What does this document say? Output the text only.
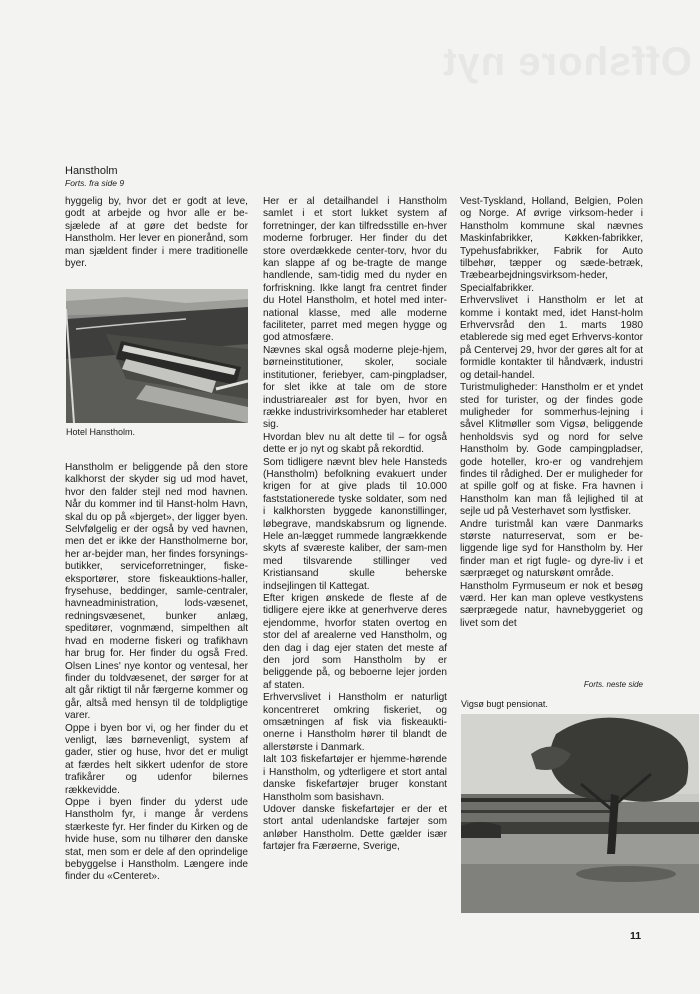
Offshore nyt
Hanstholm
Forts. fra side 9
hyggelig by, hvor det er godt at leve, godt at arbejde og hvor alle er be-sjælede af at gøre det bedste for Hanstholm. Her lever en pionerånd, som man sjældent finder i mere traditionelle byer.
Hotel Hanstholm.
Hanstholm er beliggende på den store kalkhorst der skyder sig ud mod havet, hvor den falder stejl ned mod havnen. Når du kommer ind til Hanst-holm Havn, skal du op på «bjerget», der ligger byen. Selvfølgelig er der også by ved havnen, men det er ikke der Hanstholmerne bor, her ar-bejder man, her findes forsynings-butikker, serviceforretninger, fiske-eksportører, store fiskeauktions-haller, frysehuse, beddinger, samle-centraler, havneadministration, lods-væsenet, redningsvæsenet, bunker anlæg, speditører, vognmænd, simpelthen alt hvad en moderne fiskeri og trafikhavn har brug for. Her finder du også Fred. Olsen Lines' nye kontor og ventesal, her finder du toldvæsenet, der sørger for at alt går riktigt til når færgerne kommer og går, altså med hensyn til de toldpligtige varer.
Oppe i byen bor vi, og her finder du et venligt, læs børnevenligt, system af gader, stier og huse, hvor det er muligt at færdes helt sikkert udenfor de store trafikårer og udenfor bilernes rækkevidde.
Oppe i byen finder du yderst ude Hanstholm fyr, i mange år verdens stærkeste fyr. Her finder du Kirken og de hvide huse, som nu tilhører den danske stat, men som er dele af den oprindelige bebyggelse i Hanstholm. Længere inde finder du «Centeret».
Her er al detailhandel i Hanstholm samlet i et stort lukket system af forretninger, der kan tilfredsstille en-hver moderne forbruger. Her finder du det store overdækkede center-torv, hvor du kan slappe af og be-tragte de mange handlende, sam-tidig med du nyder en forfriskning. Ikke langt fra centret finder du Hotel Hanstholm, et hotel med inter-national klasse, med alle moderne faciliteter, parret med megen hygge og god atmosfære.
Nævnes skal også moderne pleje-hjem, børneinstitutioner, skoler, sociale institutioner, feriebyer, cam-pingpladser, for slet ikke at tale om de store industriarealer øst for byen, hvor en række industrivirksomheder har etableret sig.
Hvordan blev nu alt dette til – for også dette er jo nyt og skabt på rekordtid.
Som tidligere nævnt blev hele Hansteds (Hanstholm) befolkning evakuert under krigen for at give plads til 10.000 faststationerede tyske soldater, som ned i kalkhorsten byggede kanonstillinger, løbegrave, mandskabsrum og lignende. Hele an-lægget rummede langrækkende skyts af sværeste kaliber, der sam-men med tilsvarende stillinger ved Kristiansand skulle beherske indsejlingen til Kattegat.
Efter krigen ønskede de fleste af de tidligere ejere ikke at generhverve deres ejendomme, hvorfor staten overtog en stor del af arealerne ved Hanstholm, og den dag i dag ejer staten det meste af den jord som Hanstholm by er beliggende på, og beboerne lejer jorden af staten.
Erhvervslivet i Hanstholm er naturligt koncentreret omkring fiskeriet, og omsætningen af fisk via fiskeaukti-onerne i Hanstholm hører til blandt de allerstørste i Danmark.
Ialt 103 fiskefartøjer er hjemme-hørende i Hanstholm, og ydterligere et stort antal danske fiskefartøjer bruger konstant Hanstholm som basishavn.
Udover danske fiskefartøjer er der et stort antal udenlandske fartøjer som anløber Hanstholm. Dette gælder især fartøjer fra Færøerne, Sverige,
Vest-Tyskland, Holland, Belgien, Polen og Norge. Af øvrige virksom-heder i Hanstholm kommune skal nævnes Maskinfabrikker, Køkken-fabrikker, Typehusfabrikker, Fabrik for Auto tilbehør, tæpper og sæde-betræk, Træbearbejdningsvirksom-heder, Specialfabrikker.
Erhvervslivet i Hanstholm er let at komme i kontakt med, idet Hanst-holm Erhvervsråd den 1. marts 1980 etablerede sig med eget Erhvervs-kontor på Centervej 29, hvor der gøres alt for at formidle kontakter til håndværk, industri og detail-handel.
Turistmuligheder: Hanstholm er et yndet sted for turister, og der findes gode muligheder for sommerhus-lejning i såvel Klitmøller som Vigsø, beliggende henholdsvis syd og nord for selve Hanstholm by. Gode campingpladser, gode hoteller, kro-er og vandrehjem findes til rådighed. Der er muligheder for at spille golf og at fiske. Fra havnen i Hanstholm kan man få lejlighed til at sejle ud på Vesterhavet som lystfisker.
Andre turistmål kan være Danmarks største naturreservat, som er be-liggende lige syd for Hanstholm by. Her finder man et rigt fugle- og dyre-liv i et særpræget og naturskønt område.
Hanstholm Fyrmuseum er nok et besøg værd. Her kan man opleve vestkystens særprægede natur, havnebyggeriet og livet som det
Forts. neste side
Vigsø bugt pensionat.
11
